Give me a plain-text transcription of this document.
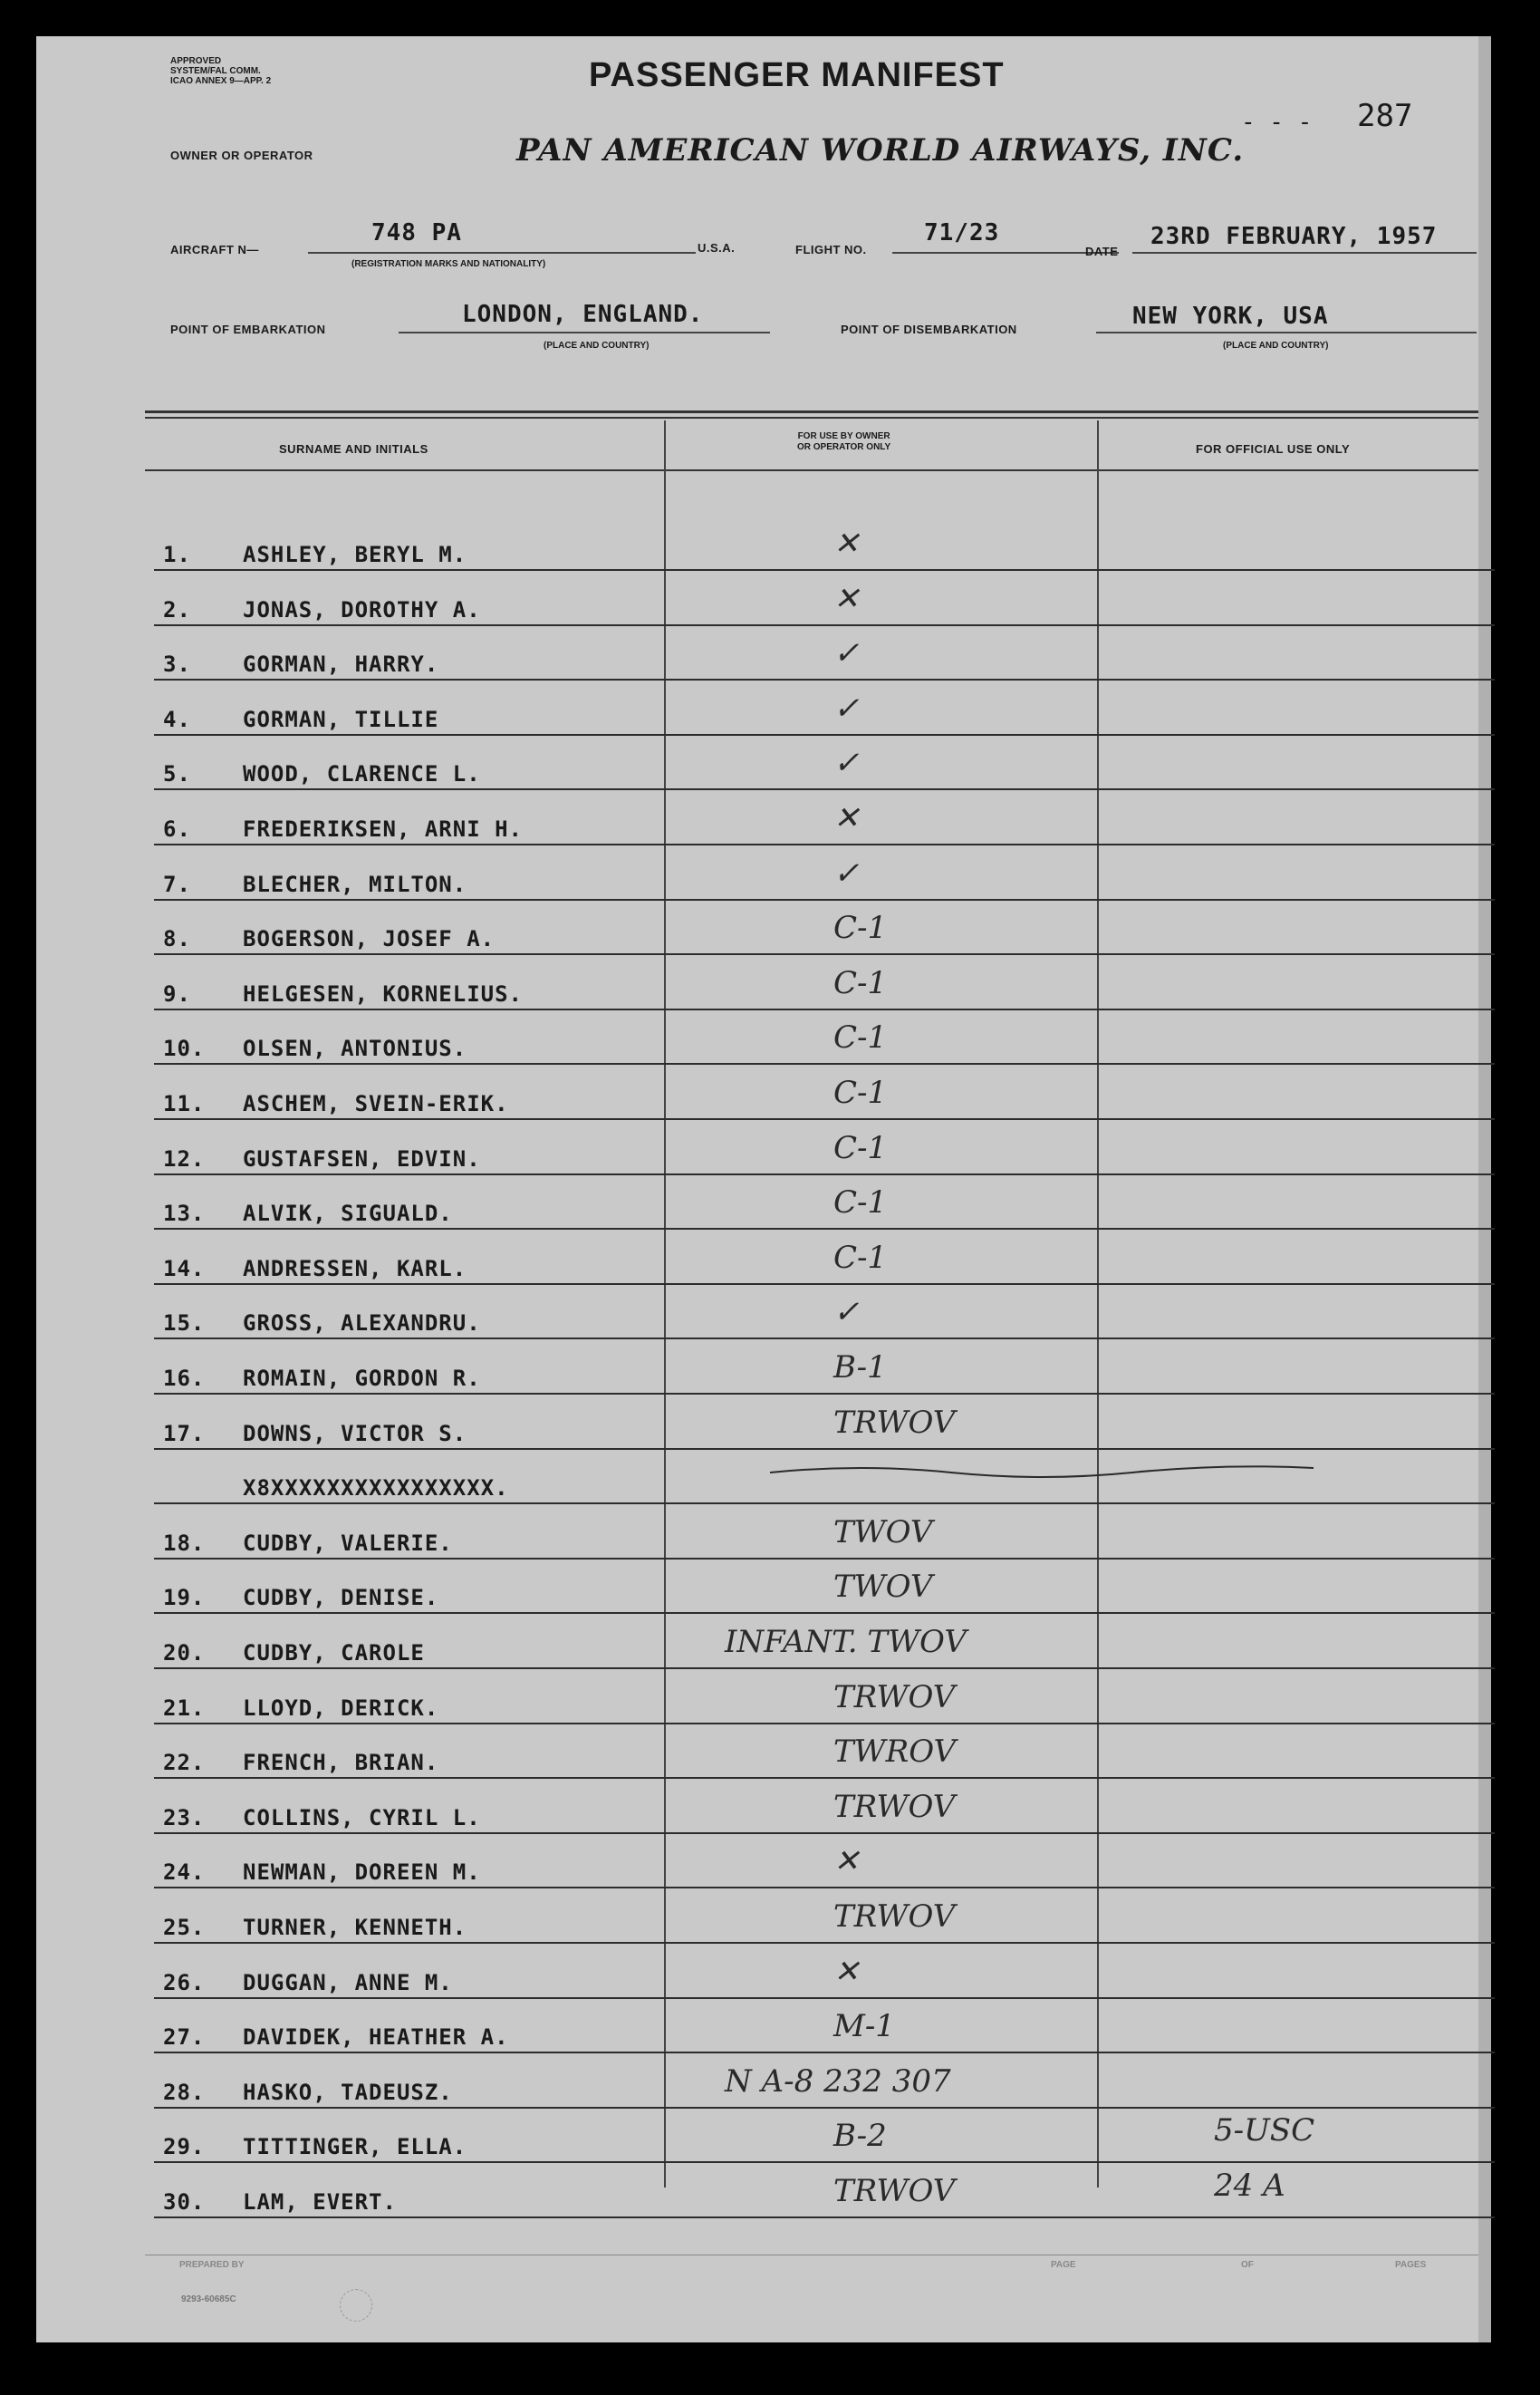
APPROVED
SYSTEM/FAL COMM.
ICAO ANNEX 9—APP. 2	PASSENGER MANIFEST
287
- - -
OWNER OR OPERATOR	PAN AMERICAN WORLD AIRWAYS, INC.
AIRCRAFT N—
748 PA
(REGISTRATION MARKS AND NATIONALITY)
U.S.A.	FLIGHT NO.
71/23
DATE
23RD FEBRUARY, 1957
POINT OF EMBARKATION
LONDON, ENGLAND.
(PLACE AND COUNTRY)
POINT OF DISEMBARKATION	NEW YORK, USA
(PLACE AND COUNTRY)
SURNAME AND INITIALS
FOR USE BY OWNER
OR OPERATOR ONLY	FOR OFFICIAL USE ONLY
1. ASHLEY, BERYL M.	✕
2. JONAS, DOROTHY A.	✕
3. GORMAN, HARRY.	✓
4. GORMAN, TILLIE	✓
5. WOOD, CLARENCE L.	✓
6. FREDERIKSEN, ARNI H.	✕
7. BLECHER, MILTON.	✓
8. BOGERSON, JOSEF A.	C-1
9. HELGESEN, KORNELIUS.	C-1
10. OLSEN, ANTONIUS.	C-1
11. ASCHEM, SVEIN-ERIK.	C-1
12. GUSTAFSEN, EDVIN.	C-1
13. ALVIK, SIGUALD.	C-1
14. ANDRESSEN, KARL.	C-1
15. GROSS, ALEXANDRU.	✓
16. ROMAIN, GORDON R.	B-1
17. DOWNS, VICTOR S.	TRWOV
X8XXXXXXXXXXXXXXXX.
18. CUDBY, VALERIE.	TWOV
19. CUDBY, DENISE.	TWOV
20. CUDBY, CAROLE	INFANT. TWOV
21. LLOYD, DERICK.	TRWOV
22. FRENCH, BRIAN.	TWROV
23. COLLINS, CYRIL L.	TRWOV
24. NEWMAN, DOREEN M.	✕
25. TURNER, KENNETH.	TRWOV
26. DUGGAN, ANNE M.	✕
27. DAVIDEK, HEATHER A.	M-1
28. HASKO, TADEUSZ.	N A-8 232 307
29. TITTINGER, ELLA.	B-2	5-USC
30. LAM, EVERT.	TRWOV	24 A
PREPARED BY	PAGE	OF	PAGES
9293-60685C
